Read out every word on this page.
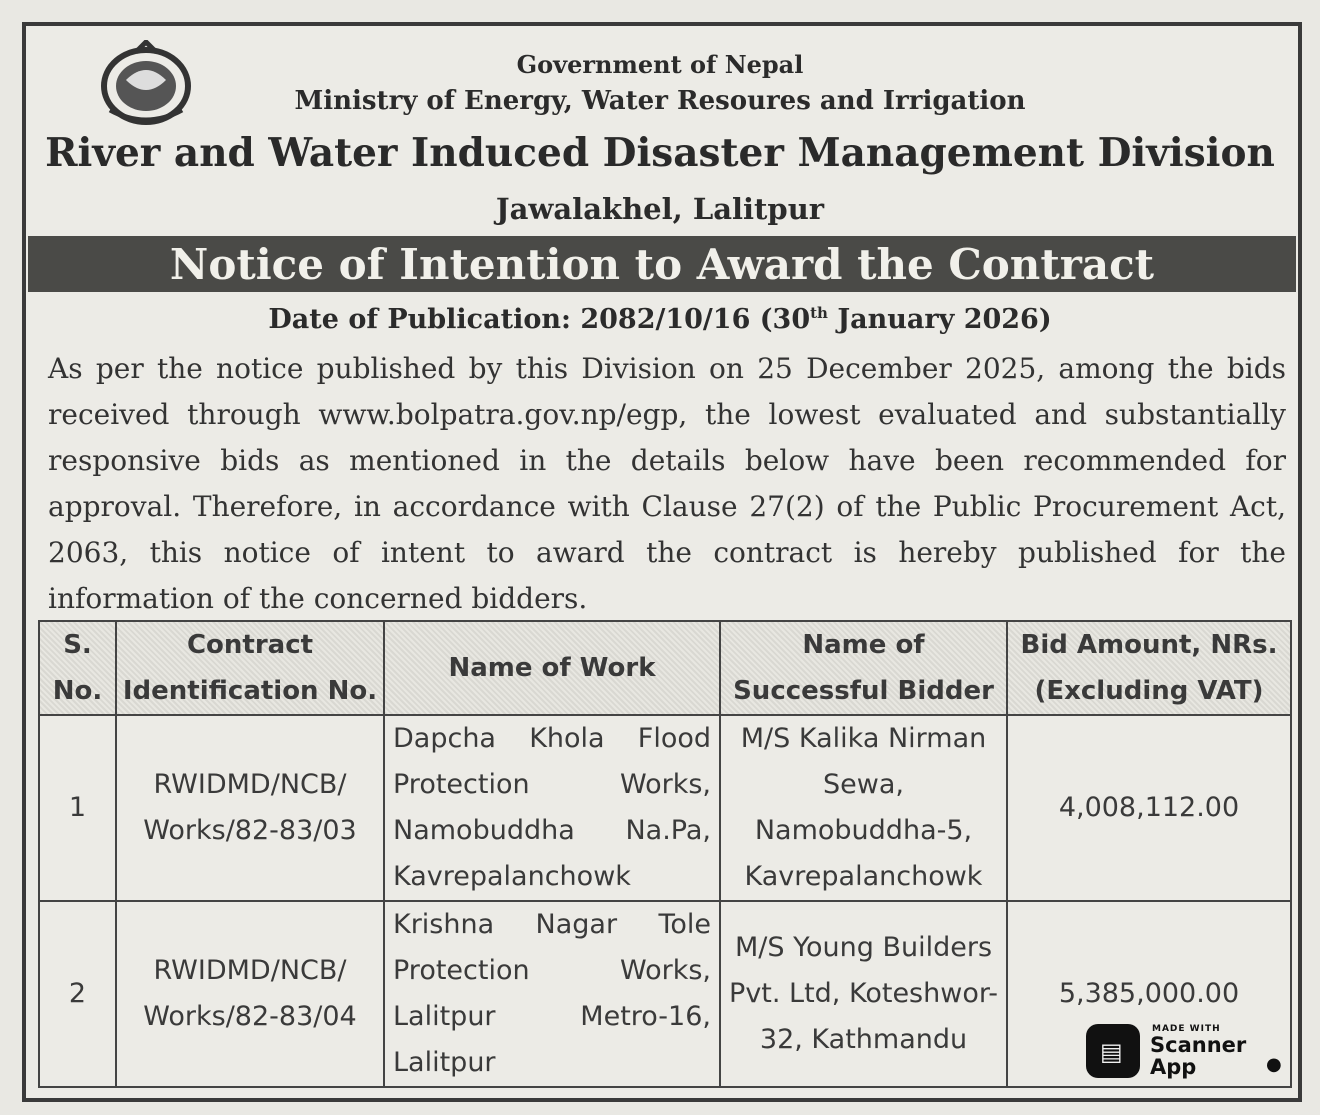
Government of Nepal
Ministry of Energy, Water Resoures and Irrigation
River and Water Induced Disaster Management Division
Jawalakhel, Lalitpur
Notice of Intention to Award the Contract
Date of Publication: 2082/10/16 (30th January 2026)
As per the notice published by this Division on 25 December 2025, among the bids received through www.bolpatra.gov.np/egp, the lowest evaluated and substantially responsive bids as mentioned in the details below have been recommended for approval. Therefore, in accordance with Clause 27(2) of the Public Procurement Act, 2063, this notice of intent to award the contract is hereby published for the information of the concerned bidders.
S. No.	Contract Identification No.	Name of Work	Name of Successful Bidder	Bid Amount, NRs. (Excluding VAT)
1	RWIDMD/NCB/ Works/82-83/03	Dapcha Khola Flood Protection Works, Namobuddha Na.Pa, Kavrepalanchowk	M/S Kalika Nirman Sewa, Namobuddha-5, Kavrepalanchowk	4,008,112.00
2	RWIDMD/NCB/ Works/82-83/04	Krishna Nagar Tole Protection Works, Lalitpur Metro-16, Lalitpur	M/S Young Builders Pvt. Ltd, Koteshwor-32, Kathmandu	5,385,000.00
▤
MADE WITH
Scanner App	●
